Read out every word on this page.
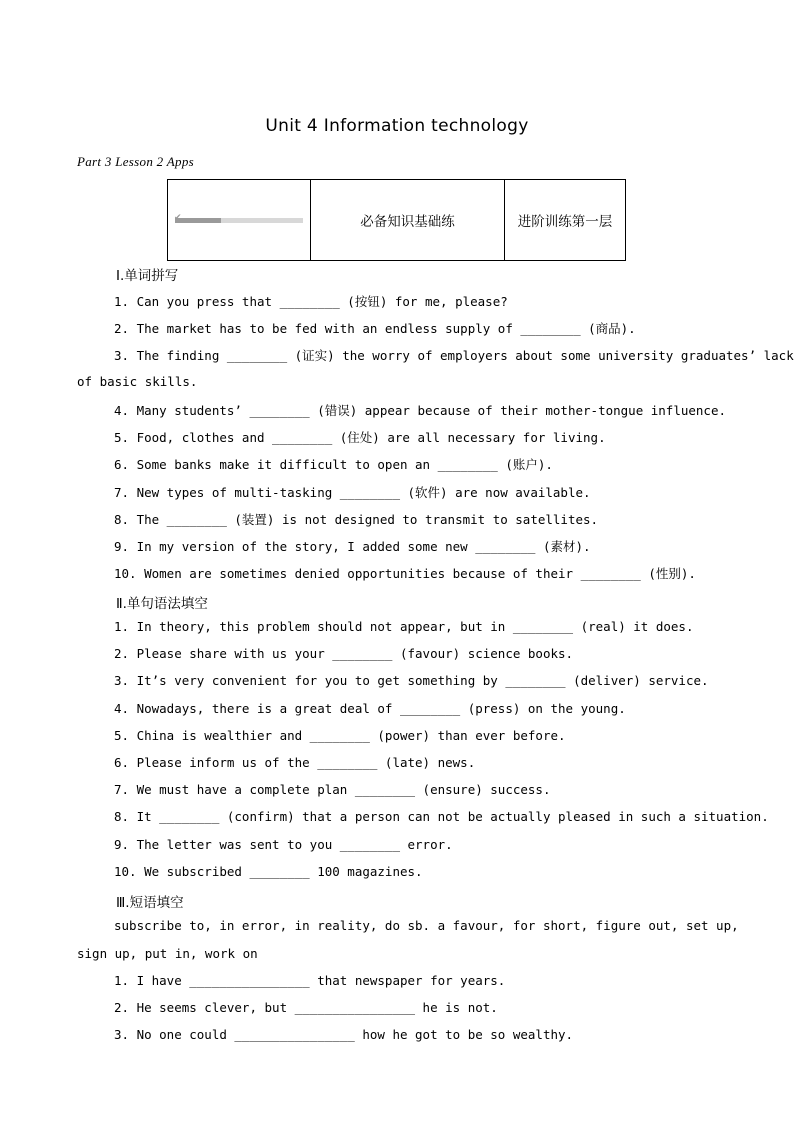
Unit 4 Information technology
Part 3 Lesson 2 Apps
✔	必备知识基础练	进阶训练第一层
Ⅰ.单词拼写
1. Can you press that ________ (按钮) for me, please?
2. The market has to be fed with an endless supply of ________ (商品).
3. The finding ________ (证实) the worry of employers about some university graduates’ lack
of basic skills.
4. Many students’ ________ (错误) appear because of their mother-tongue influence.
5. Food, clothes and ________ (住处) are all necessary for living.
6. Some banks make it difficult to open an ________ (账户).
7. New types of multi-tasking ________ (软件) are now available.
8. The ________ (装置) is not designed to transmit to satellites.
9. In my version of the story, I added some new ________ (素材).
10. Women are sometimes denied opportunities because of their ________ (性别).
Ⅱ.单句语法填空
1. In theory, this problem should not appear, but in ________ (real) it does.
2. Please share with us your ________ (favour) science books.
3. It’s very convenient for you to get something by ________ (deliver) service.
4. Nowadays, there is a great deal of ________ (press) on the young.
5. China is wealthier and ________ (power) than ever before.
6. Please inform us of the ________ (late) news.
7. We must have a complete plan ________ (ensure) success.
8. It ________ (confirm) that a person can not be actually pleased in such a situation.
9. The letter was sent to you ________ error.
10. We subscribed ________ 100 magazines.
Ⅲ.短语填空
subscribe to, in error, in reality, do sb. a favour, for short, figure out, set up,
sign up, put in, work on
1. I have ________________ that newspaper for years.
2. He seems clever, but ________________ he is not.
3. No one could ________________ how he got to be so wealthy.
